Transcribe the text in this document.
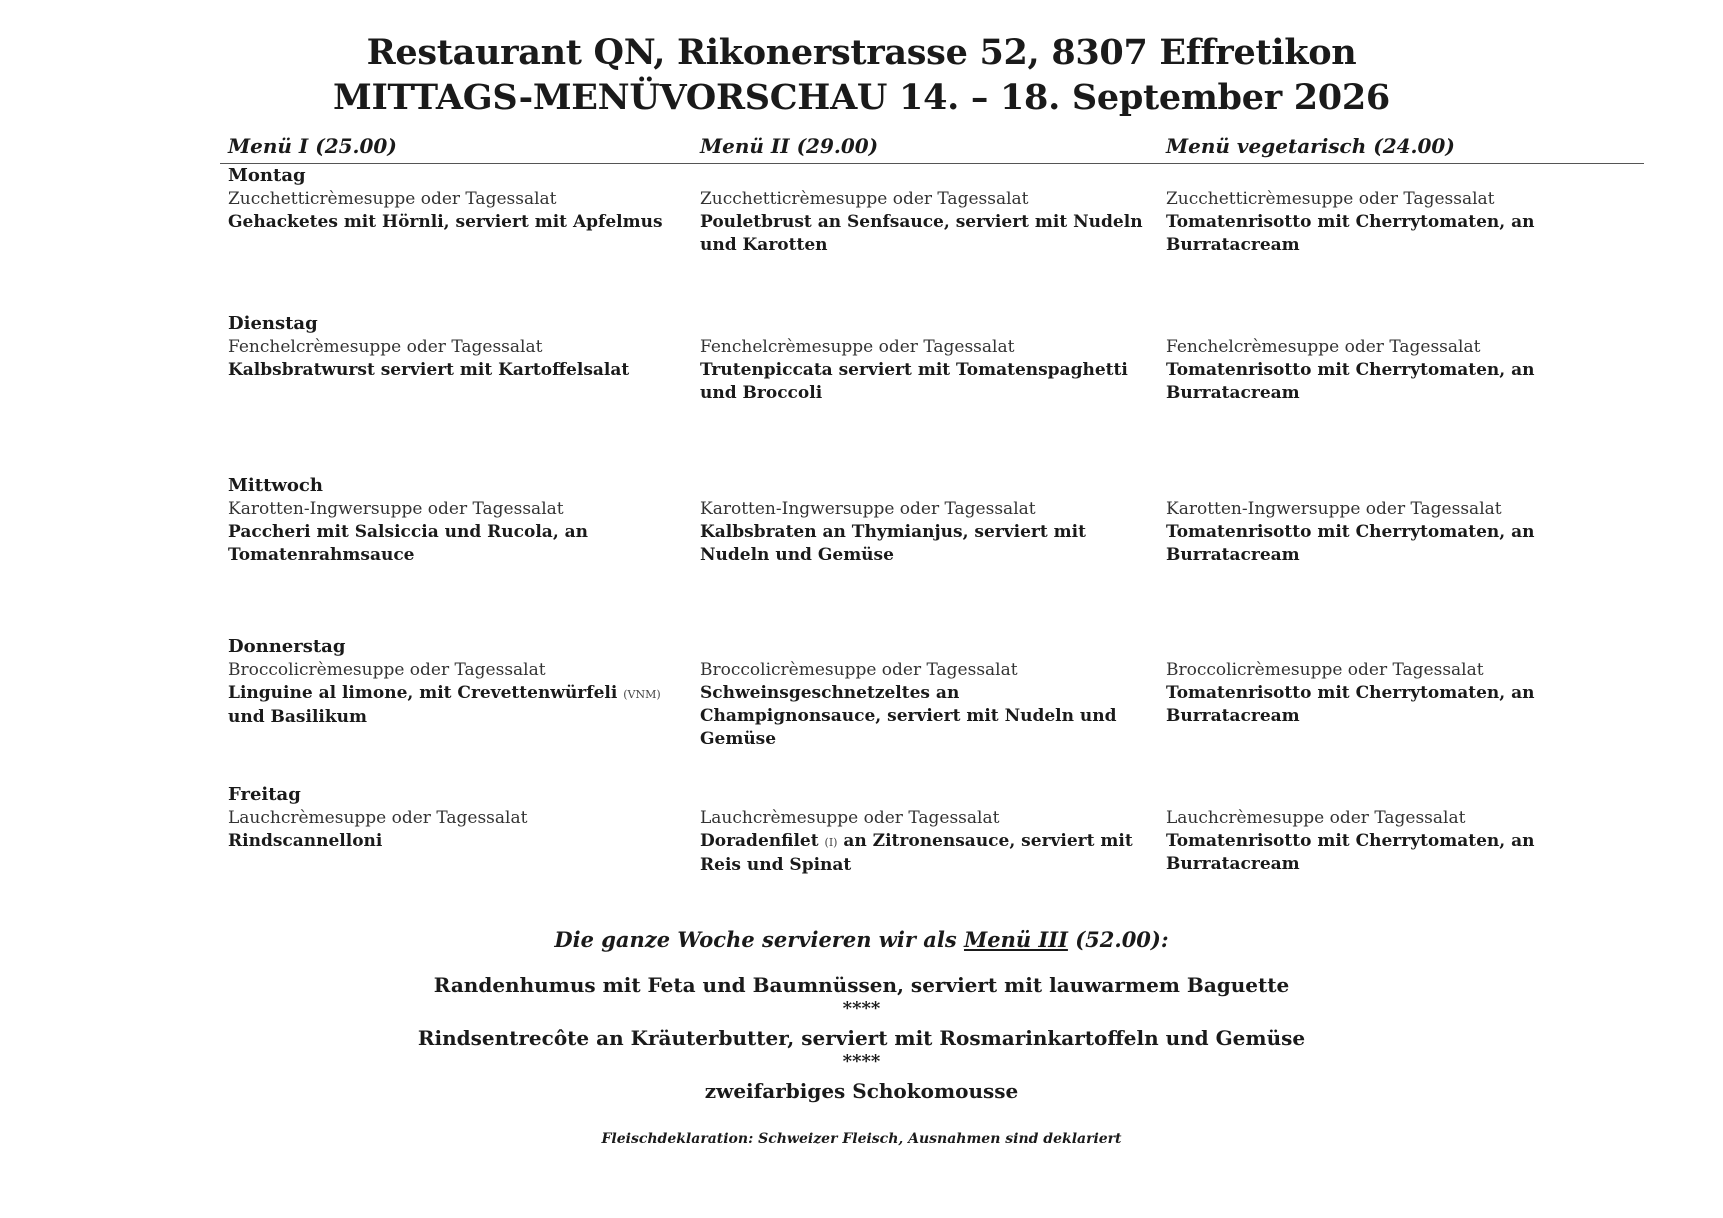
Restaurant QN, Rikonerstrasse 52, 8307 Effretikon
MITTAGS-MENÜVORSCHAU 14. – 18. September 2026
Menü I (25.00)	Menü II (29.00)	Menü vegetarisch (24.00)
Montag
Zucchetticrèmesuppe oder Tagessalat
Gehacketes mit Hörnli, serviert mit Apfelmus
Zucchetticrèmesuppe oder Tagessalat
Pouletbrust an Senfsauce, serviert mit Nudeln und Karotten
Zucchetticrèmesuppe oder Tagessalat
Tomatenrisotto mit Cherrytomaten, an Burratacream
Dienstag
Fenchelcrèmesuppe oder Tagessalat
Kalbsbratwurst serviert mit Kartoffelsalat
Fenchelcrèmesuppe oder Tagessalat
Trutenpiccata serviert mit Tomatenspaghetti und Broccoli
Fenchelcrèmesuppe oder Tagessalat
Tomatenrisotto mit Cherrytomaten, an Burratacream
Mittwoch
Karotten-Ingwersuppe oder Tagessalat
Paccheri mit Salsiccia und Rucola, an Tomatenrahmsauce
Karotten-Ingwersuppe oder Tagessalat
Kalbsbraten an Thymianjus, serviert mit Nudeln und Gemüse
Karotten-Ingwersuppe oder Tagessalat
Tomatenrisotto mit Cherrytomaten, an Burratacream
Donnerstag
Broccolicrèmesuppe oder Tagessalat
Linguine al limone, mit Crevettenwürfeli (VNM) und Basilikum
Broccolicrèmesuppe oder Tagessalat
Schweinsgeschnetzeltes an Champignonsauce, serviert mit Nudeln und Gemüse
Broccolicrèmesuppe oder Tagessalat
Tomatenrisotto mit Cherrytomaten, an Burratacream
Freitag
Lauchcrèmesuppe oder Tagessalat
Rindscannelloni
Lauchcrèmesuppe oder Tagessalat
Doradenfilet (I) an Zitronensauce, serviert mit Reis und Spinat
Lauchcrèmesuppe oder Tagessalat
Tomatenrisotto mit Cherrytomaten, an Burratacream
Die ganze Woche servieren wir als Menü III (52.00):
Randenhumus mit Feta und Baumnüssen, serviert mit lauwarmem Baguette
****
Rindsentrecôte an Kräuterbutter, serviert mit Rosmarinkartoffeln und Gemüse
****
zweifarbiges Schokomousse
Fleischdeklaration: Schweizer Fleisch, Ausnahmen sind deklariert
